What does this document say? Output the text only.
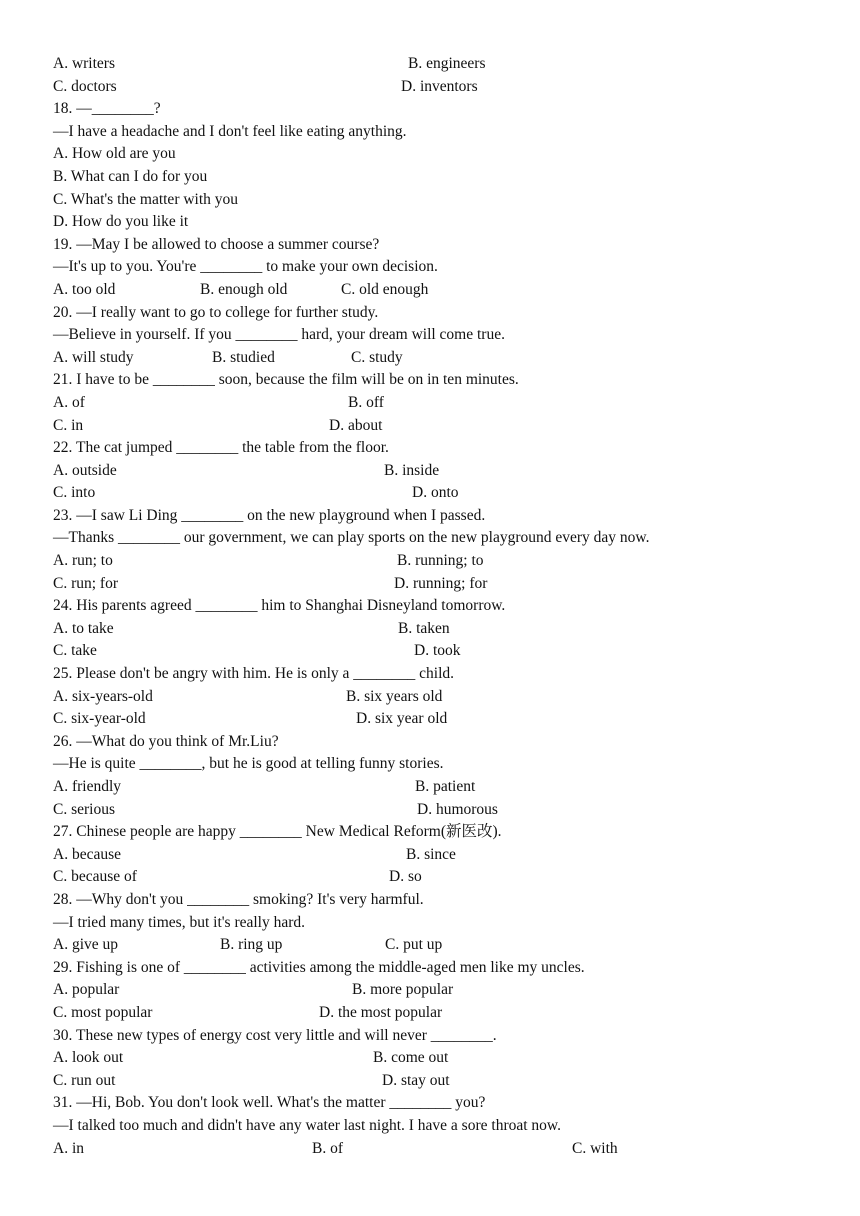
A. writers	B. engineers
C. doctors	D. inventors
18. —________?
—I have a headache and I don't feel like eating anything.
A. How old are you
B. What can I do for you
C. What's the matter with you
D. How do you like it
19. —May I be allowed to choose a summer course?
—It's up to you. You're ________ to make your own decision.
A. too old	B. enough old	C. old enough
20. —I really want to go to college for further study.
—Believe in yourself. If you ________ hard, your dream will come true.
A. will study	B. studied	C. study
21. I have to be ________ soon, because the film will be on in ten minutes.
A. of	B. off
C. in	D. about
22. The cat jumped ________ the table from the floor.
A. outside	B. inside
C. into	D. onto
23. —I saw Li Ding ________ on the new playground when I passed.
—Thanks ________ our government, we can play sports on the new playground every day now.
A. run; to	B. running; to
C. run; for	D. running; for
24. His parents agreed ________ him to Shanghai Disneyland tomorrow.
A. to take	B. taken
C. take	D. took
25. Please don't be angry with him. He is only a ________ child.
A. six-years-old	B. six years old
C. six-year-old	D. six year old
26. —What do you think of Mr.Liu?
—He is quite ________, but he is good at telling funny stories.
A. friendly	B. patient
C. serious	D. humorous
27. Chinese people are happy ________ New Medical Reform(新医改).
A. because	B. since
C. because of	D. so
28. —Why don't you ________ smoking? It's very harmful.
—I tried many times, but it's really hard.
A. give up	B. ring up	C. put up
29. Fishing is one of ________ activities among the middle-aged men like my uncles.
A. popular	B. more popular
C. most popular	D. the most popular
30. These new types of energy cost very little and will never ________.
A. look out	B. come out
C. run out	D. stay out
31. —Hi, Bob. You don't look well. What's the matter ________ you?
—I talked too much and didn't have any water last night. I have a sore throat now.
A. in	B. of	C. with
